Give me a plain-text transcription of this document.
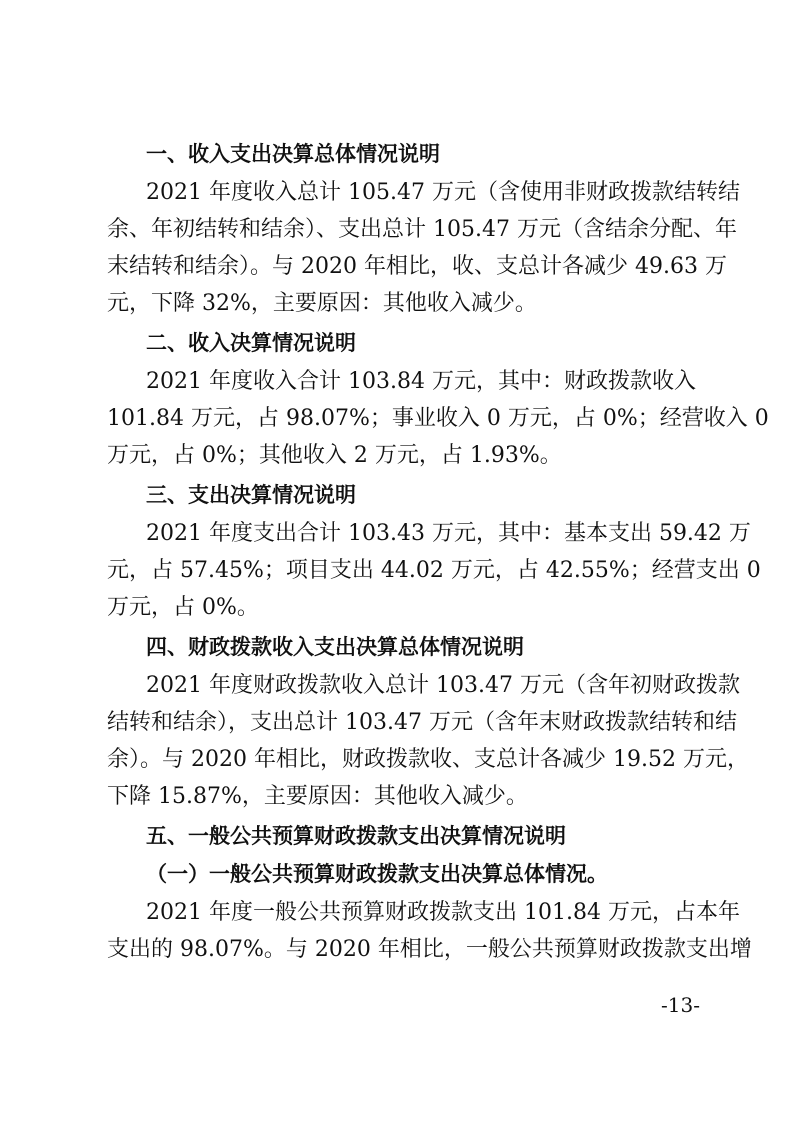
一、收入支出决算总体情况说明
2021 年度收入总计 105.47 万元（含使用非财政拨款结转结
余、年初结转和结余）、支出总计 105.47 万元（含结余分配、年
末结转和结余）。与 2020 年相比，收、支总计各减少 49.63 万
元，下降 32%，主要原因：其他收入减少。
二、收入决算情况说明
2021 年度收入合计 103.84 万元，其中：财政拨款收入
101.84 万元，占 98.07%；事业收入 0 万元，占 0%；经营收入 0
万元，占 0%；其他收入 2 万元，占 1.93%。
三、支出决算情况说明
2021 年度支出合计 103.43 万元，其中：基本支出 59.42 万
元，占 57.45%；项目支出 44.02 万元，占 42.55%；经营支出 0
万元，占 0%。
四、财政拨款收入支出决算总体情况说明
2021 年度财政拨款收入总计 103.47 万元（含年初财政拨款
结转和结余），支出总计 103.47 万元（含年末财政拨款结转和结
余）。与 2020 年相比，财政拨款收、支总计各减少 19.52 万元，
下降 15.87%，主要原因：其他收入减少。
五、一般公共预算财政拨款支出决算情况说明
（一）一般公共预算财政拨款支出决算总体情况。
2021 年度一般公共预算财政拨款支出 101.84 万元，占本年
支出的 98.07%。与 2020 年相比，一般公共预算财政拨款支出增
-13-
